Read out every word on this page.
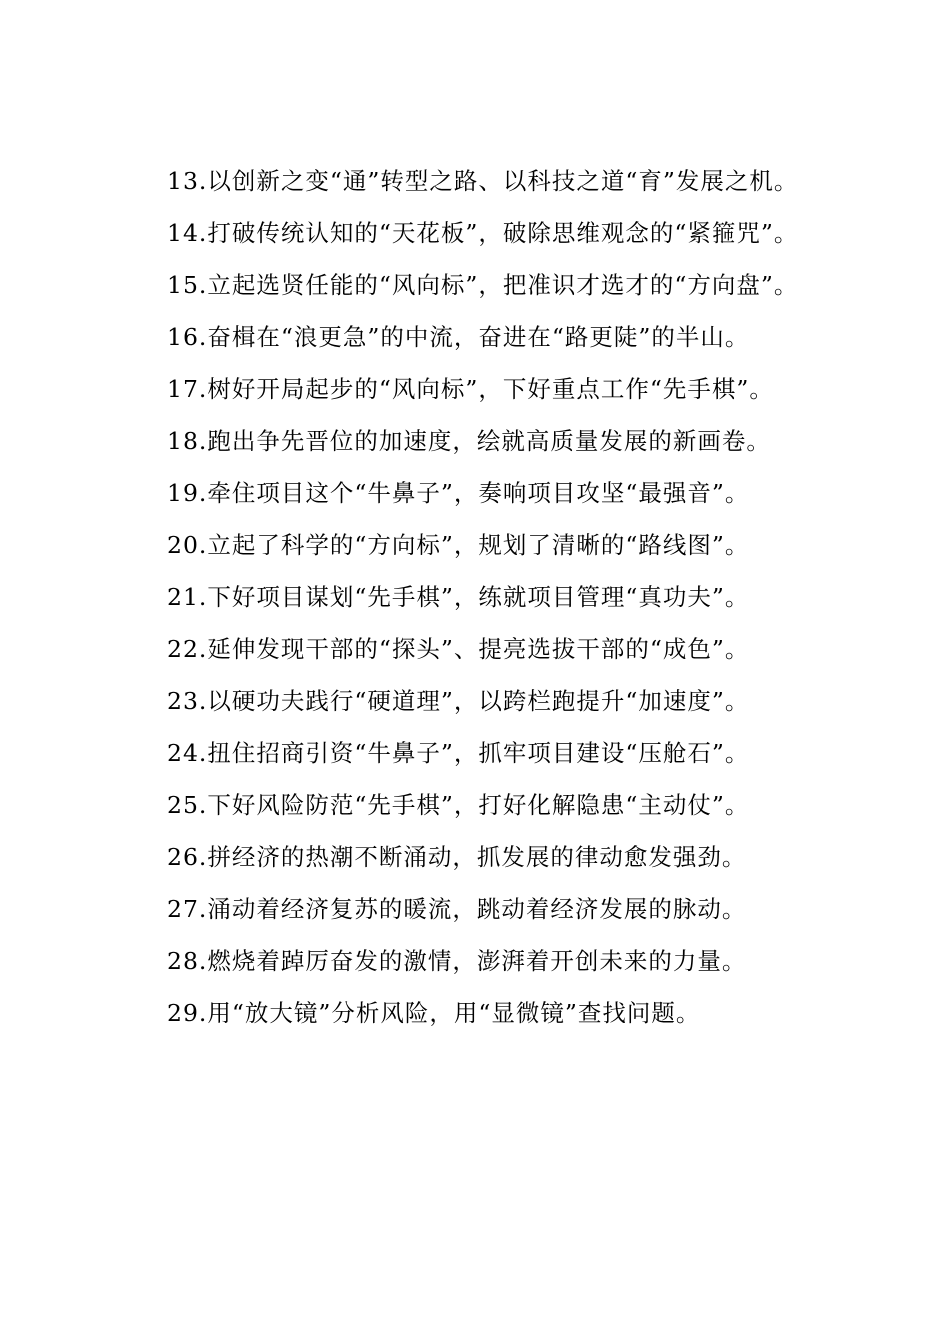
13.以创新之变“通”转型之路、以科技之道“育”发展之机。

14.打破传统认知的“天花板”，破除思维观念的“紧箍咒”。

15.立起选贤任能的“风向标”，把准识才选才的“方向盘”。

16.奋楫在“浪更急”的中流，奋进在“路更陡”的半山。

17.树好开局起步的“风向标”，下好重点工作“先手棋”。

18.跑出争先晋位的加速度，绘就高质量发展的新画卷。

19.牵住项目这个“牛鼻子”，奏响项目攻坚“最强音”。

20.立起了科学的“方向标”，规划了清晰的“路线图”。

21.下好项目谋划“先手棋”，练就项目管理“真功夫”。

22.延伸发现干部的“探头”、提亮选拔干部的“成色”。

23.以硬功夫践行“硬道理”，以跨栏跑提升“加速度”。

24.扭住招商引资“牛鼻子”，抓牢项目建设“压舱石”。

25.下好风险防范“先手棋”，打好化解隐患“主动仗”。

26.拼经济的热潮不断涌动，抓发展的律动愈发强劲。

27.涌动着经济复苏的暖流，跳动着经济发展的脉动。

28.燃烧着踔厉奋发的激情，澎湃着开创未来的力量。

29.用“放大镜”分析风险，用“显微镜”查找问题。
